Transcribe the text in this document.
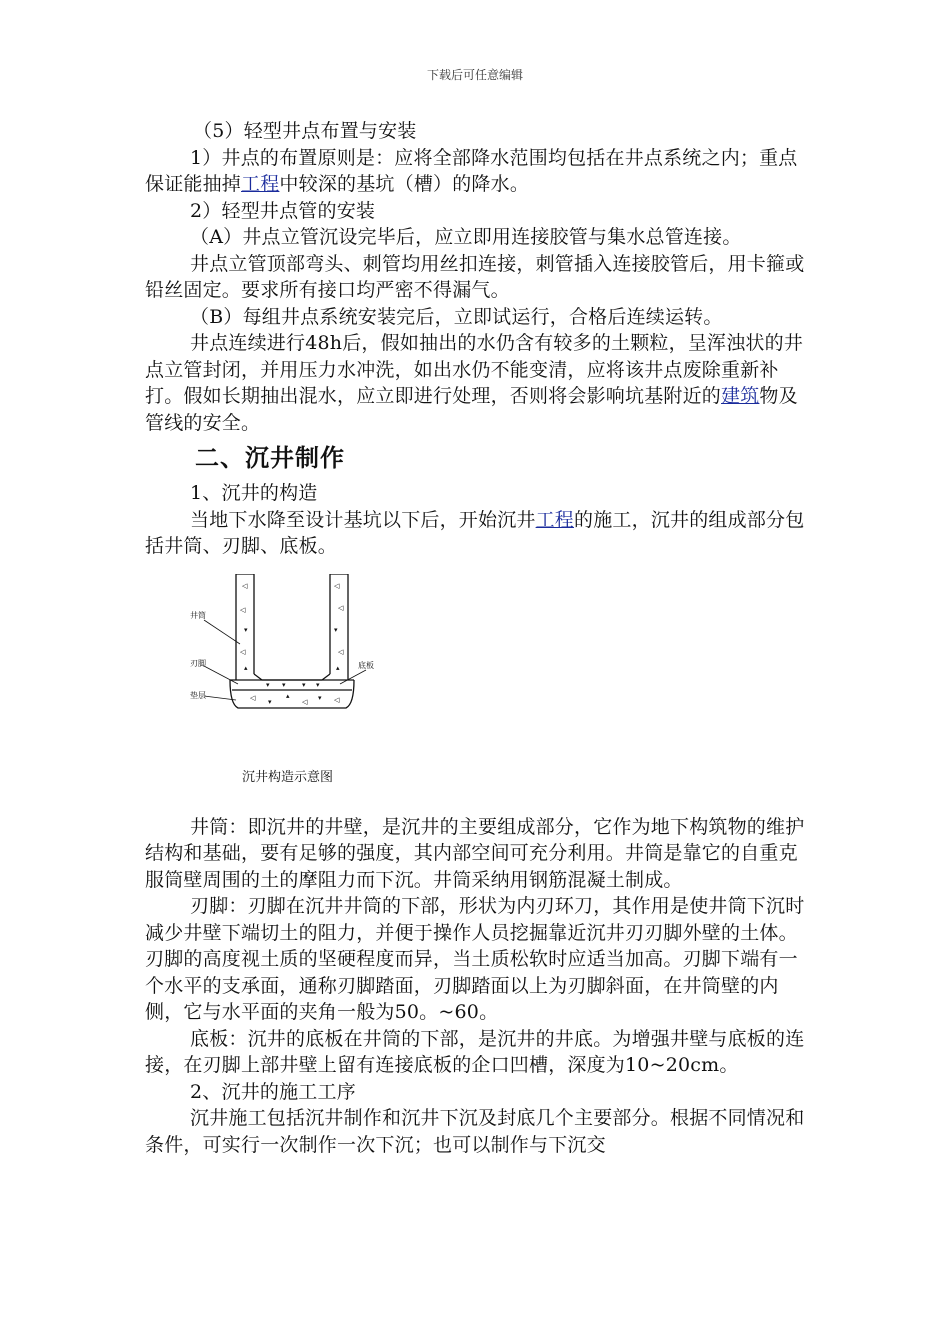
下载后可任意编辑

（5）轻型井点布置与安装

1）井点的布置原则是：应将全部降水范围均包括在井点系统之内；重点保证能抽掉工程中较深的基坑（槽）的降水。

2）轻型井点管的安装

（A）井点立管沉设完毕后，应立即用连接胶管与集水总管连接。

井点立管顶部弯头、刺管均用丝扣连接，刺管插入连接胶管后，用卡箍或铅丝固定。要求所有接口均严密不得漏气。

（B）每组井点系统安装完后，立即试运行，合格后连续运转。

井点连续进行48h后，假如抽出的水仍含有较多的土颗粒，呈浑浊状的井点立管封闭，并用压力水冲洗，如出水仍不能变清，应将该井点废除重新补打。假如长期抽出混水，应立即进行处理，否则将会影响坑基附近的建筑物及管线的安全。

二、沉井制作

1、沉井的构造

当地下水降至设计基坑以下后，开始沉井工程的施工，沉井的组成部分包括井筒、刃脚、底板。

◁
◁
▾
◁
▴
◁
◁
▾
◁
▴
▾ ▾ ▾ ▾
◁ ▾
▴
◁ ▾ ◁
井筒
刃脚
垫层
底板
沉井构造示意图

井筒：即沉井的井壁，是沉井的主要组成部分，它作为地下构筑物的维护结构和基础，要有足够的强度，其内部空间可充分利用。井筒是靠它的自重克服筒壁周围的土的摩阻力而下沉。井筒采纳用钢筋混凝土制成。

刃脚：刃脚在沉井井筒的下部，形状为内刃环刀，其作用是使井筒下沉时减少井壁下端切土的阻力，并便于操作人员挖掘靠近沉井刃刃脚外壁的土体。刃脚的高度视土质的坚硬程度而异，当土质松软时应适当加高。刃脚下端有一个水平的支承面，通称刃脚踏面，刃脚踏面以上为刃脚斜面，在井筒壁的内侧，它与水平面的夹角一般为50。~60。

底板：沉井的底板在井筒的下部，是沉井的井底。为增强井壁与底板的连接，在刃脚上部井壁上留有连接底板的企口凹槽，深度为10~20cm。

2、沉井的施工工序

沉井施工包括沉井制作和沉井下沉及封底几个主要部分。根据不同情况和条件，可实行一次制作一次下沉；也可以制作与下沉交
